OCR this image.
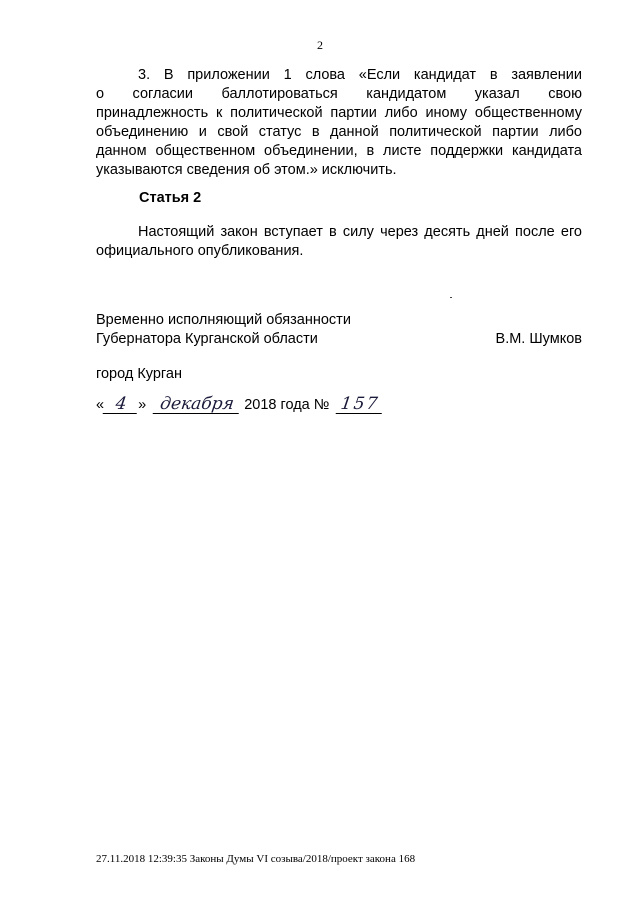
2
3. В приложении 1 слова «Если кандидат в заявлении
о согласии баллотироваться кандидатом указал свою
принадлежность к политической партии либо иному общественному
объединению и свой статус в данной политической партии либо
данном общественном объединении, в листе поддержки кандидата
указываются сведения об этом.» исключить.
Статья 2
Настоящий закон вступает в силу через десять дней после его
официального опубликования.
Временно исполняющий обязанности
Губернатора Курганской области	В.М. Шумков
город Курган
« 4 » декабря 2018 года № 157
27.11.2018 12:39:35 Законы Думы VI созыва/2018/проект закона 168
